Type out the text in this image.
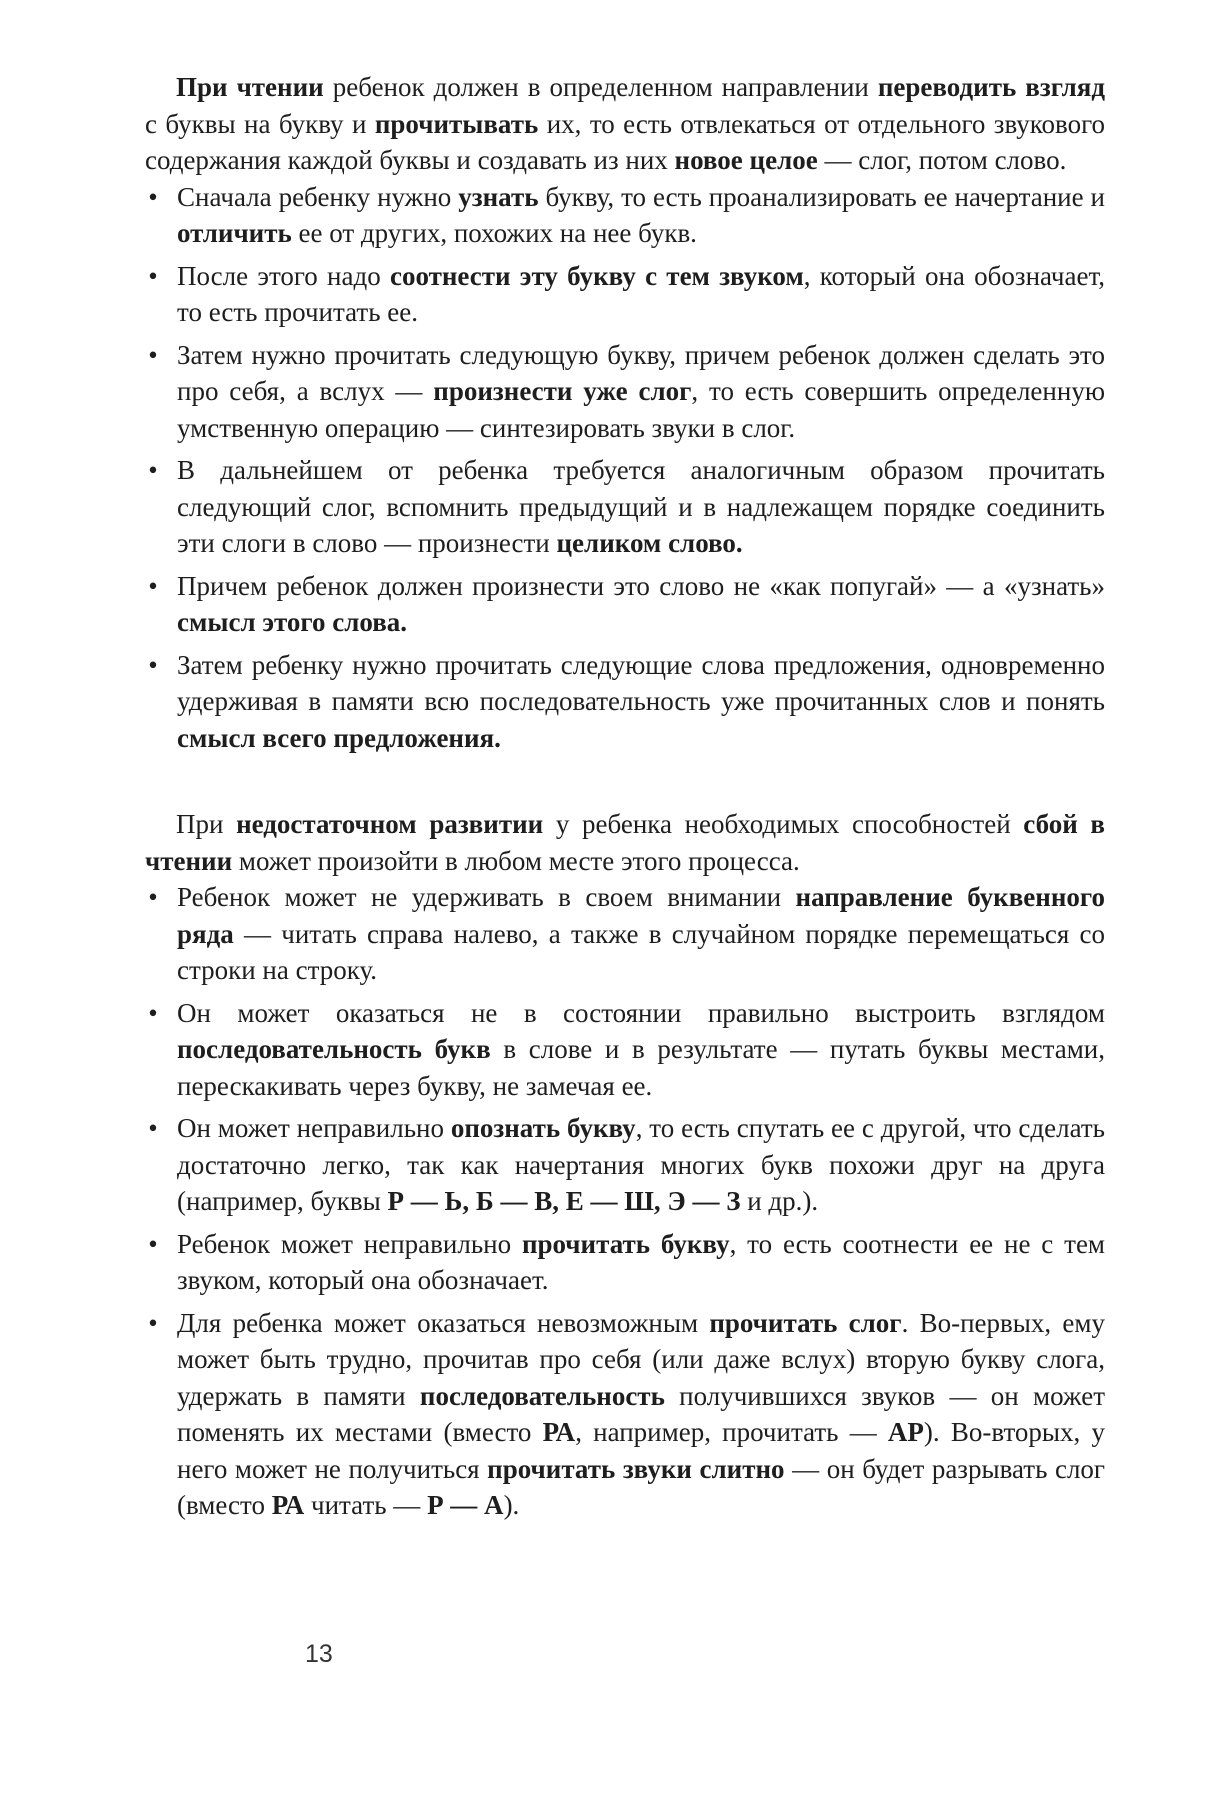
При чтении ребенок должен в определенном направлении переводить взгляд с буквы на букву и прочитывать их, то есть отвлекаться от отдельного звукового содержания каждой буквы и создавать из них новое целое — слог, потом слово.

• Сначала ребенку нужно узнать букву, то есть проанализировать ее начертание и отличить ее от других, похожих на нее букв.
• После этого надо соотнести эту букву с тем звуком, который она обозначает, то есть прочитать ее.
• Затем нужно прочитать следующую букву, причем ребенок должен сделать это про себя, а вслух — произнести уже слог, то есть совершить определенную умственную операцию — синтезировать звуки в слог.
• В дальнейшем от ребенка требуется аналогичным образом прочитать следующий слог, вспомнить предыдущий и в надлежащем порядке соединить эти слоги в слово — произнести целиком слово.
• Причем ребенок должен произнести это слово не «как попугай» — а «узнать» смысл этого слова.
• Затем ребенку нужно прочитать следующие слова предложения, одновременно удерживая в памяти всю последовательность уже прочитанных слов и понять смысл всего предложения.

При недостаточном развитии у ребенка необходимых способностей сбой в чтении может произойти в любом месте этого процесса.

• Ребенок может не удерживать в своем внимании направление буквенного ряда — читать справа налево, а также в случайном порядке перемещаться со строки на строку.
• Он может оказаться не в состоянии правильно выстроить взглядом последовательность букв в слове и в результате — путать буквы местами, перескакивать через букву, не замечая ее.
• Он может неправильно опознать букву, то есть спутать ее с другой, что сделать достаточно легко, так как начертания многих букв похожи друг на друга (например, буквы Р — Ь, Б — В, Е — Ш, Э — З и др.).
• Ребенок может неправильно прочитать букву, то есть соотнести ее не с тем звуком, который она обозначает.
• Для ребенка может оказаться невозможным прочитать слог. Во-первых, ему может быть трудно, прочитав про себя (или даже вслух) вторую букву слога, удержать в памяти последовательность получившихся звуков — он может поменять их местами (вместо РА, например, прочитать — АР). Во-вторых, у него может не получиться прочитать звуки слитно — он будет разрывать слог (вместо РА читать — Р — А).
13
